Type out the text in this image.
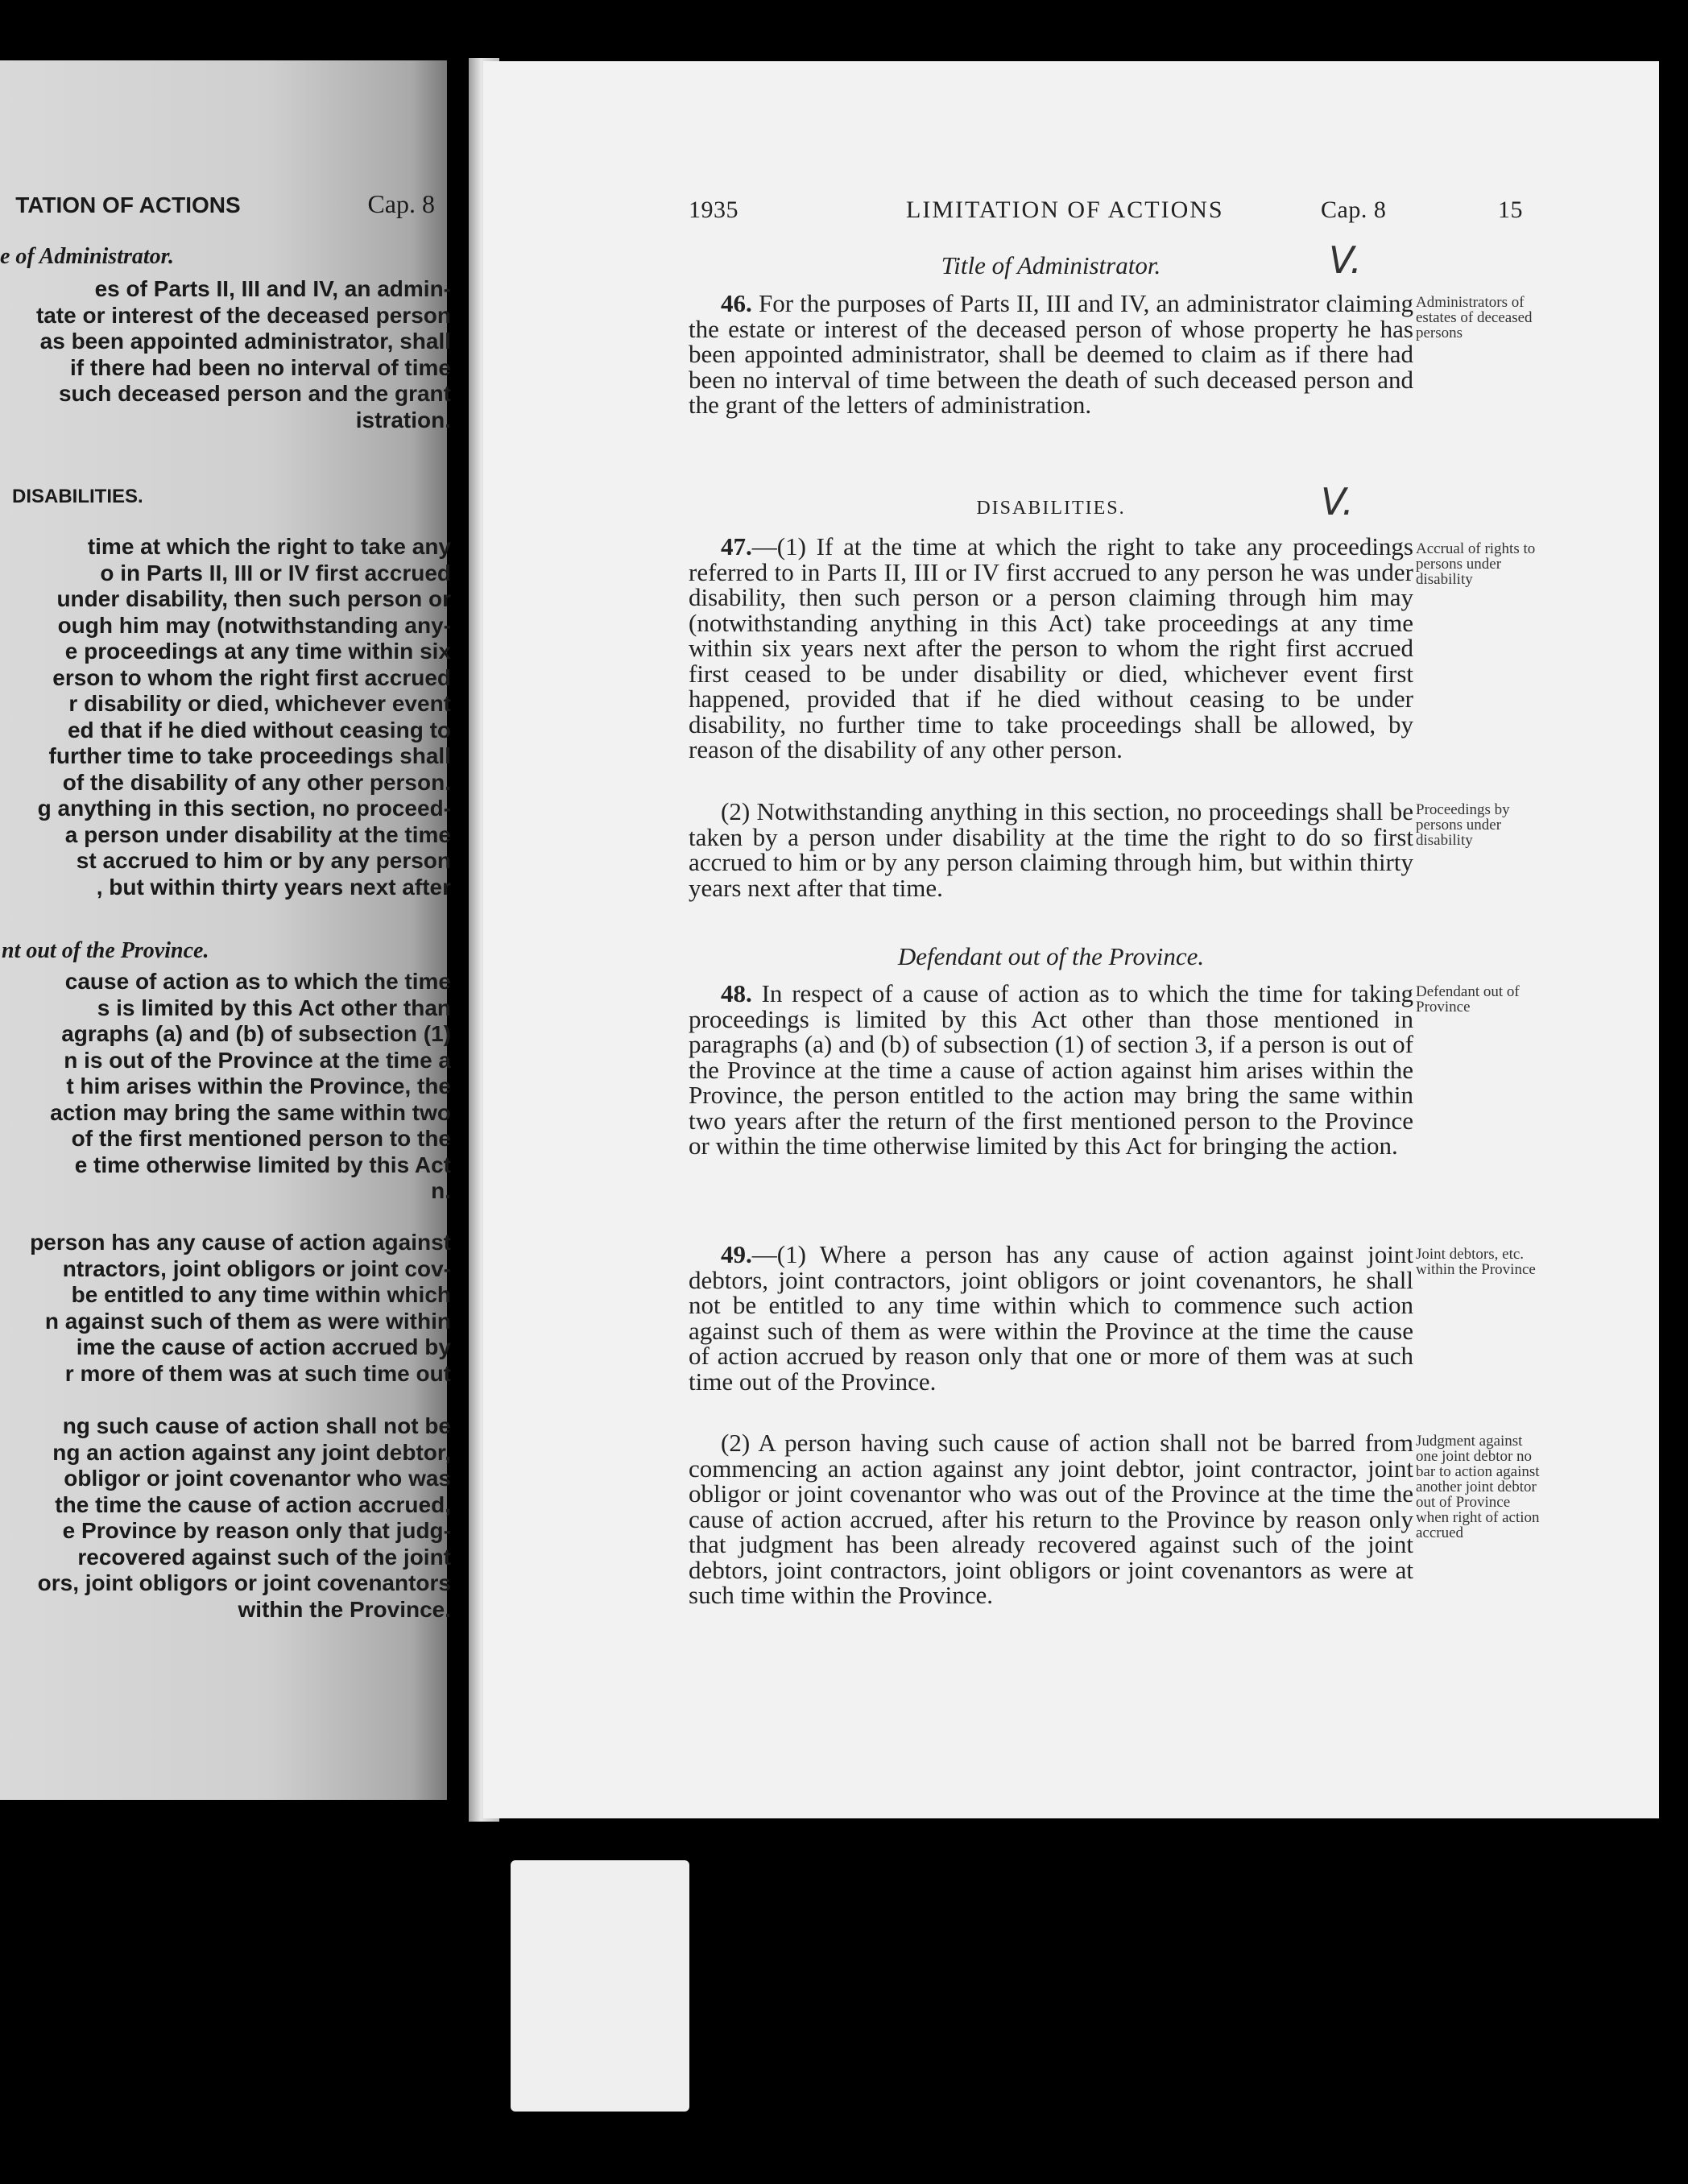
TATION OF ACTIONS	Cap. 8
e of Administrator.
es of Parts II, III and IV, an admin-
tate or interest of the deceased person
as been appointed administrator, shall
if there had been no interval of time
such deceased person and the grant
istration.
DISABILITIES.
time at which the right to take any
o in Parts II, III or IV first accrued
under disability, then such person or
ough him may (notwithstanding any-
e proceedings at any time within six
erson to whom the right first accrued
r disability or died, whichever event
ed that if he died without ceasing to
further time to take proceedings shall
of the disability of any other person.
g anything in this section, no proceed-
a person under disability at the time
st accrued to him or by any person
, but within thirty years next after
nt out of the Province.
cause of action as to which the time
s is limited by this Act other than
agraphs (a) and (b) of subsection (1)
n is out of the Province at the time a
t him arises within the Province, the
action may bring the same within two
of the first mentioned person to the
e time otherwise limited by this Act
n.
person has any cause of action against
ntractors, joint obligors or joint cov-
be entitled to any time within which
n against such of them as were within
ime the cause of action accrued by
r more of them was at such time out
ng such cause of action shall not be
ng an action against any joint debtor,
obligor or joint covenantor who was
the time the cause of action accrued,
e Province by reason only that judg-
recovered against such of the joint
ors, joint obligors or joint covenantors
within the Province.
1935	LIMITATION OF ACTIONS	Cap. 8	15
V.
V.
Title of Administrator.
46. For the purposes of Parts II, III and IV, an administrator claiming the estate or interest of the deceased person of whose property he has been appointed administrator, shall be deemed to claim as if there had been no interval of time between the death of such deceased person and the grant of the letters of administration.
Administrators of estates of deceased persons
DISABILITIES.
47.—(1) If at the time at which the right to take any proceedings referred to in Parts II, III or IV first accrued to any person he was under disability, then such person or a person claiming through him may (notwithstanding anything in this Act) take proceedings at any time within six years next after the person to whom the right first accrued first ceased to be under disability or died, whichever event first happened, provided that if he died without ceasing to be under disability, no further time to take proceedings shall be allowed, by reason of the disability of any other person.
Accrual of rights to persons under disability
(2) Notwithstanding anything in this section, no proceedings shall be taken by a person under disability at the time the right to do so first accrued to him or by any person claiming through him, but within thirty years next after that time.
Proceedings by persons under disability
Defendant out of the Province.
48. In respect of a cause of action as to which the time for taking proceedings is limited by this Act other than those mentioned in paragraphs (a) and (b) of subsection (1) of section 3, if a person is out of the Province at the time a cause of action against him arises within the Province, the person entitled to the action may bring the same within two years after the return of the first mentioned person to the Province or within the time otherwise limited by this Act for bringing the action.
Defendant out of Province
49.—(1) Where a person has any cause of action against joint debtors, joint contractors, joint obligors or joint covenantors, he shall not be entitled to any time within which to commence such action against such of them as were within the Province at the time the cause of action accrued by reason only that one or more of them was at such time out of the Province.
Joint debtors, etc. within the Province
(2) A person having such cause of action shall not be barred from commencing an action against any joint debtor, joint contractor, joint obligor or joint covenantor who was out of the Province at the time the cause of action accrued, after his return to the Province by reason only that judgment has been already recovered against such of the joint debtors, joint contractors, joint obligors or joint covenantors as were at such time within the Province.
Judgment against one joint debtor no bar to action against another joint debtor out of Province when right of action accrued
